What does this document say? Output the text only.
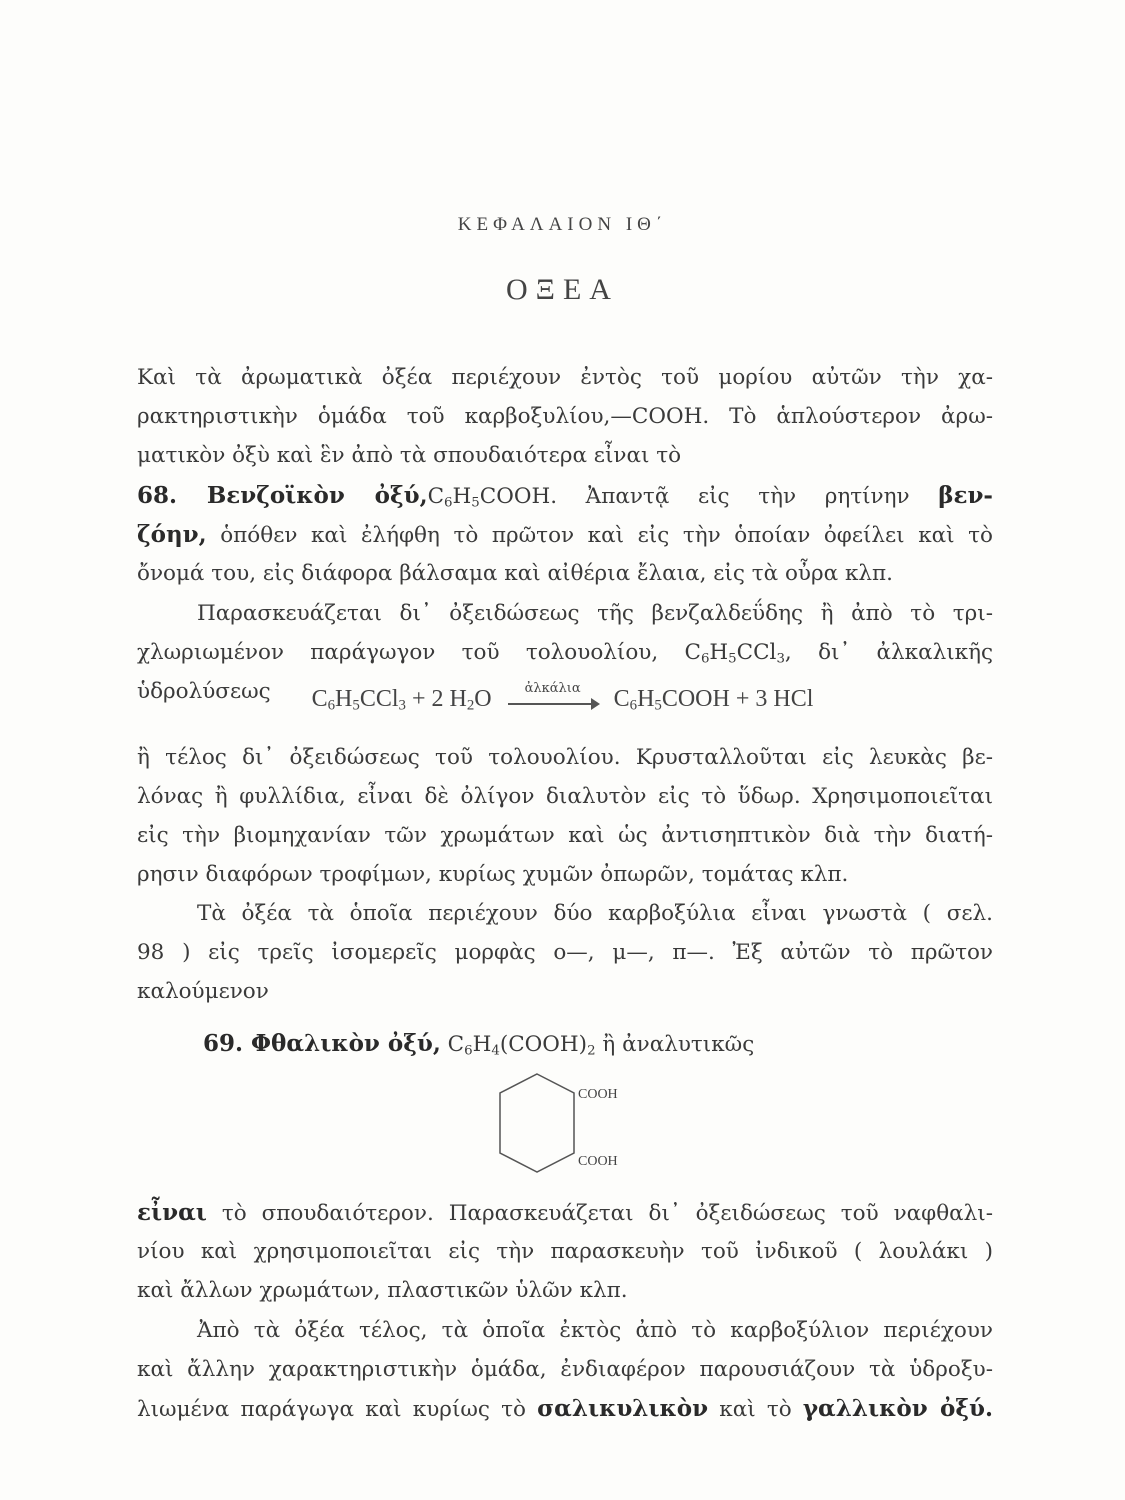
ΚΕΦΑΛΑΙΟΝ ΙΘ΄
ΟΞΕΑ
Καὶ τὰ ἀρωματικὰ ὀξέα περιέχουν ἐντὸς τοῦ μορίου αὐτῶν τὴν χα-
ρακτηριστικὴν ὁμάδα τοῦ καρβοξυλίου,—COOH. Τὸ ἁπλούστερον ἀρω-
ματικὸν ὀξὺ καὶ ἓν ἀπὸ τὰ σπουδαιότερα εἶναι τὸ
68. Βενζοϊκὸν $ὀ\xi ύ,C_6H_5COOH$. Ἀπαντᾷ εἰς τὴν ρητίνην βεν-
ζόην, ὁπόθεν καὶ ἐλήφθη τὸ πρῶτον καὶ εἰς τὴν ὁποίαν ὀφείλει καὶ τὸ
ὄνομά του, εἰς διάφορα βάλσαμα καὶ αἰθέρια ἔλαια, εἰς τὰ οὖρα κλπ.
Παρασκευάζεται δι᾽ ὀξειδώσεως τῆς βενζαλδεΰδης ἢ ἀπὸ τὸ τρι-
χλωριωμένον παράγωγον τοῦ τολουολίου, $C_6H_5CCl_3$, δι᾽ ἀλκαλικῆς
ὑδρολύσεως	$C_6H_5CCl_3 + 2$ $H_2O$	ἀλκάλια	$C_6H_5COOH + 3$ HCl
ἢ τέλος δι᾽ ὀξειδώσεως τοῦ τολουολίου. Κρυσταλλοῦται εἰς λευκὰς βε-
λόνας ἢ φυλλίδια, εἶναι δὲ ὀλίγον διαλυτὸν εἰς τὸ ὕδωρ. Χρησιμοποιεῖται
εἰς τὴν βιομηχανίαν τῶν χρωμάτων καὶ ὡς ἀντισηπτικὸν διὰ τὴν διατή-
ρησιν διαφόρων τροφίμων, κυρίως χυμῶν ὀπωρῶν, τομάτας κλπ.
Τὰ ὀξέα τὰ ὁποῖα περιέχουν δύο καρβοξύλια εἶναι γνωστὰ ( σελ.
98 ) εἰς τρεῖς ἰσομερεῖς μορφὰς ο—, μ—, π—. Ἐξ αὐτῶν τὸ πρῶτον
καλούμενον
69. Φθαλικὸν ὀξύ, $C_6H_4(COOH)_2$ ἢ ἀναλυτικῶς
COOH
COOH
εἶναι τὸ σπουδαιότερον. Παρασκευάζεται δι᾽ ὀξειδώσεως τοῦ ναφθαλι-
νίου καὶ χρησιμοποιεῖται εἰς τὴν παρασκευὴν τοῦ ἰνδικοῦ ( λουλάκι )
καὶ ἄλλων χρωμάτων, πλαστικῶν ὑλῶν κλπ.
Ἀπὸ τὰ ὀξέα τέλος, τὰ ὁποῖα ἐκτὸς ἀπὸ τὸ καρβοξύλιον περιέχουν
καὶ ἄλλην χαρακτηριστικὴν ὁμάδα, ἐνδιαφέρον παρουσιάζουν τὰ ὑδροξυ-
λιωμένα παράγωγα καὶ κυρίως τὸ σαλικυλικὸν καὶ τὸ γαλλικὸν ὀξύ.
